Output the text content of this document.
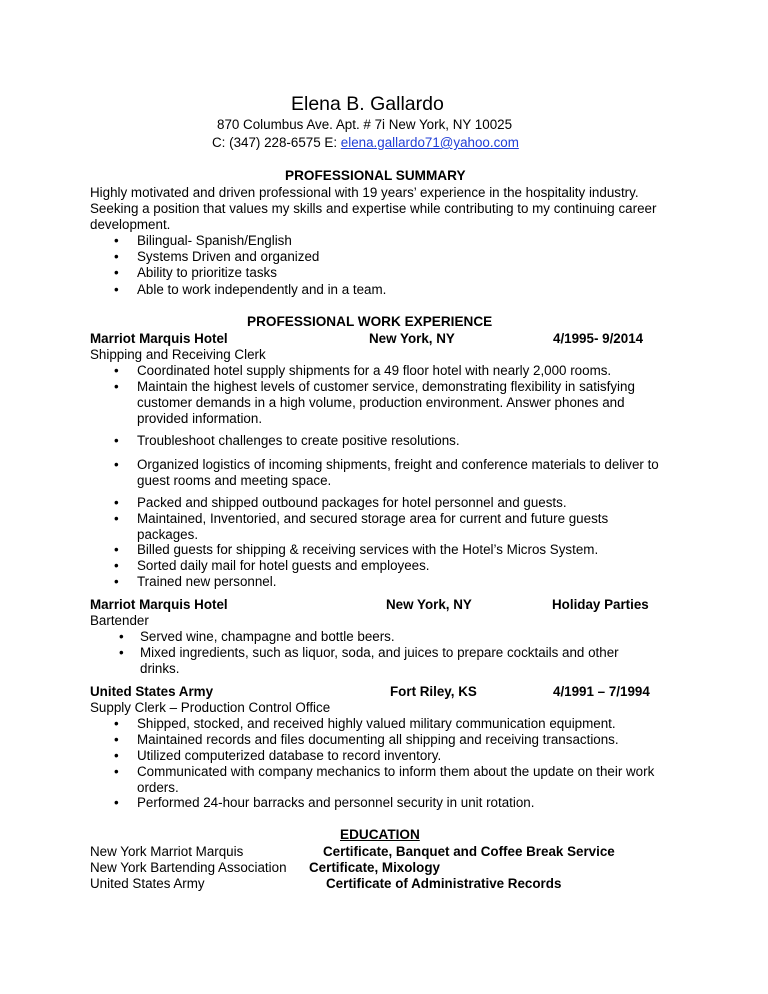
Elena B. Gallardo
870 Columbus Ave. Apt. # 7i New York, NY 10025
C: (347) 228-6575 E: elena.gallardo71@yahoo.com
PROFESSIONAL SUMMARY
Highly motivated and driven professional with 19 years’ experience in the hospitality industry.
Seeking a position that values my skills and expertise while contributing to my continuing career
development.
• Bilingual- Spanish/English
• Systems Driven and organized
• Ability to prioritize tasks
• Able to work independently and in a team.
PROFESSIONAL WORK EXPERIENCE
Marriot Marquis Hotel	New York, NY	4/1995- 9/2014
Shipping and Receiving Clerk
• Coordinated hotel supply shipments for a 49 floor hotel with nearly 2,000 rooms.
• Maintain the highest levels of customer service, demonstrating flexibility in satisfying
customer demands in a high volume, production environment. Answer phones and
provided information.
• Troubleshoot challenges to create positive resolutions.
• Organized logistics of incoming shipments, freight and conference materials to deliver to
guest rooms and meeting space.
• Packed and shipped outbound packages for hotel personnel and guests.
• Maintained, Inventoried, and secured storage area for current and future guests
packages.
• Billed guests for shipping & receiving services with the Hotel’s Micros System.
• Sorted daily mail for hotel guests and employees.
• Trained new personnel.
Marriot Marquis Hotel	New York, NY	Holiday Parties
Bartender
• Served wine, champagne and bottle beers.
• Mixed ingredients, such as liquor, soda, and juices to prepare cocktails and other
drinks.
United States Army	Fort Riley, KS	4/1991 – 7/1994
Supply Clerk – Production Control Office
• Shipped, stocked, and received highly valued military communication equipment.
• Maintained records and files documenting all shipping and receiving transactions.
• Utilized computerized database to record inventory.
• Communicated with company mechanics to inform them about the update on their work
orders.
• Performed 24-hour barracks and personnel security in unit rotation.
EDUCATION
New York Marriot Marquis	Certificate, Banquet and Coffee Break Service
New York Bartending Association Certificate, Mixology
United States Army	Certificate of Administrative Records
